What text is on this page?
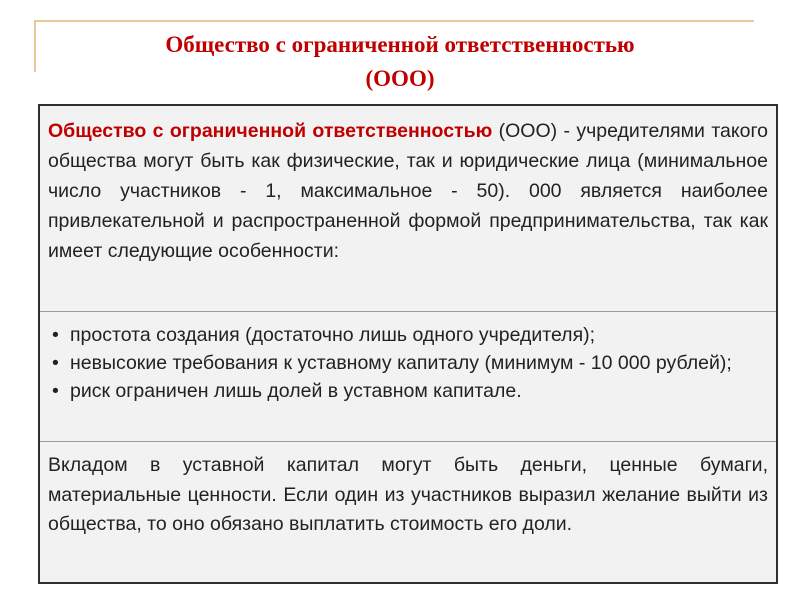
Общество с ограниченной ответственностью
(ООО)
Общество с ограниченной ответственностью (ООО) - учредителями такого общества могут быть как физические, так и юридические лица (минимальное число участников - 1, максимальное - 50). 000 является наиболее привлекательной и распространенной формой предпринимательства, так как имеет следующие особенности:
• простота создания (достаточно лишь одного учредителя);
• невысокие требования к уставному капиталу (минимум - 10 000 рублей);
• риск ограничен лишь долей в уставном капитале.
Вкладом в уставной капитал могут быть деньги, ценные бумаги, материальные ценности. Если один из участников выразил желание выйти из общества, то оно обязано выплатить стоимость его доли.
